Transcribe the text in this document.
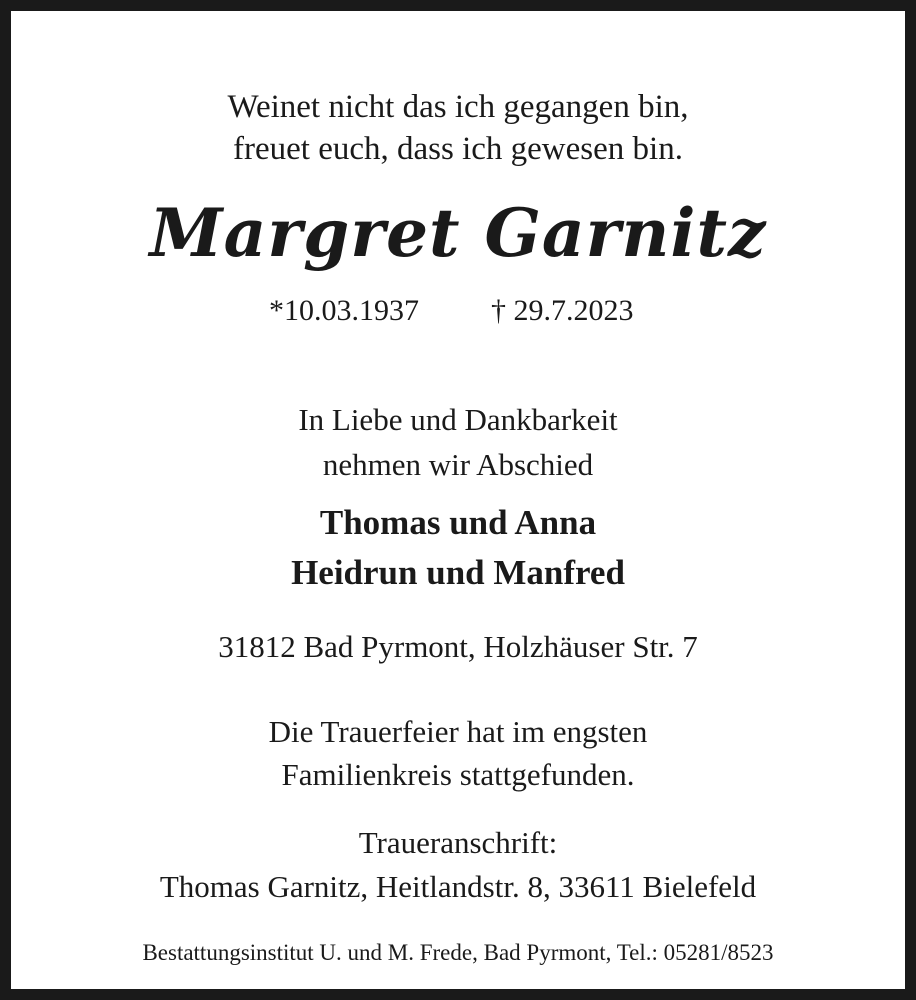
Weinet nicht das ich gegangen bin,
freuet euch, dass ich gewesen bin.
Margret Garnitz
*10.03.1937 † 29.7.2023
In Liebe und Dankbarkeit
nehmen wir Abschied
Thomas und Anna
Heidrun und Manfred
31812 Bad Pyrmont, Holzhäuser Str. 7
Die Trauerfeier hat im engsten
Familienkreis stattgefunden.
Traueranschrift:
Thomas Garnitz, Heitlandstr. 8, 33611 Bielefeld
Bestattungsinstitut U. und M. Frede, Bad Pyrmont, Tel.: 05281/8523
